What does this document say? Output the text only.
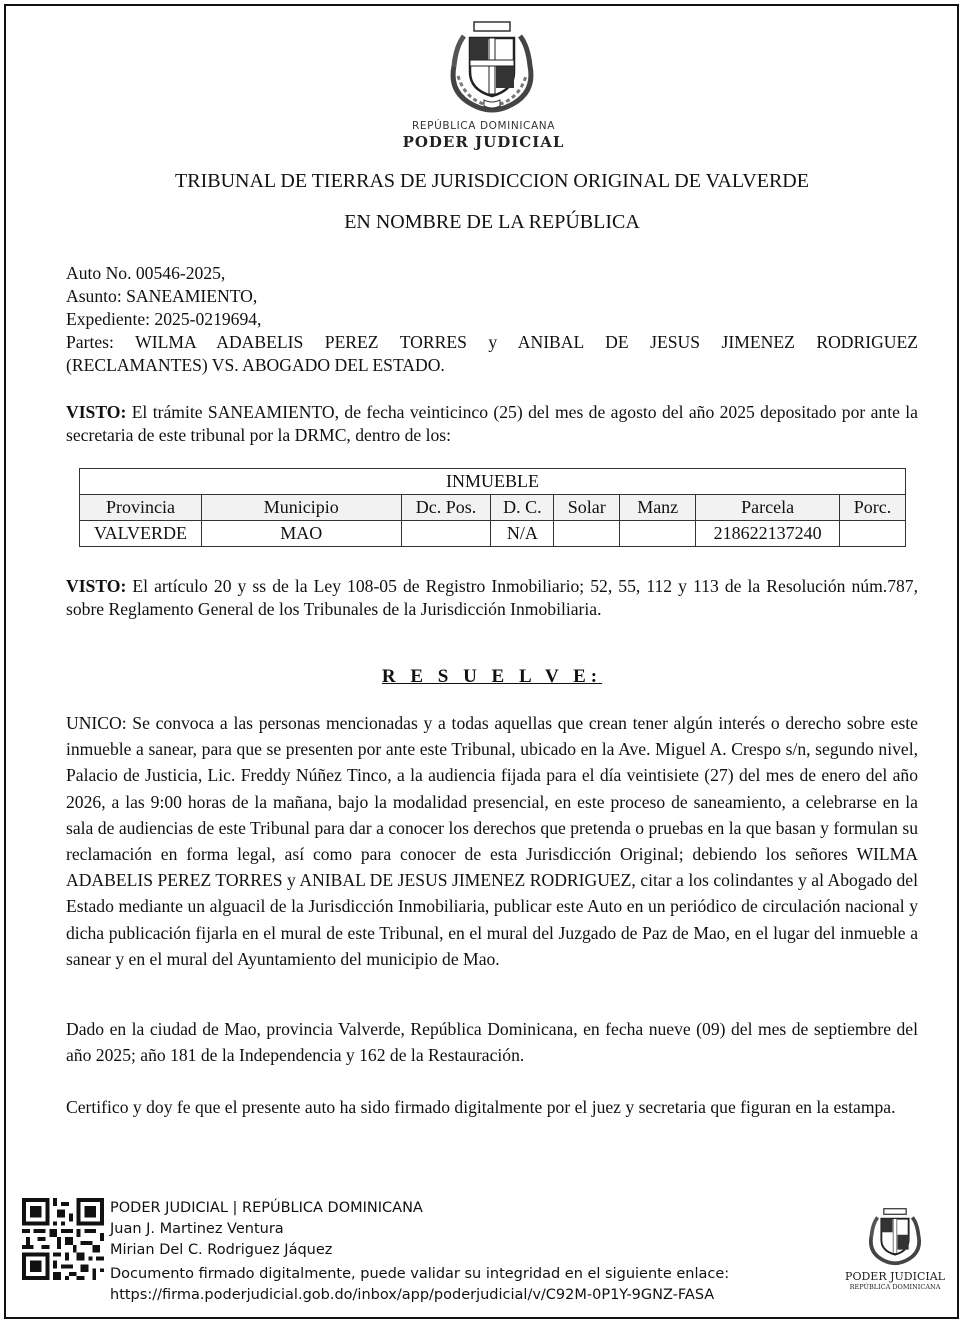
REPÚBLICA DOMINICANA
PODER JUDICIAL
TRIBUNAL DE TIERRAS DE JURISDICCION ORIGINAL DE VALVERDE
EN NOMBRE DE LA REPÚBLICA
Auto No. 00546-2025,
Asunto: SANEAMIENTO,
Expediente: 2025-0219694,
Partes: WILMA ADABELIS PEREZ TORRES y ANIBAL DE JESUS JIMENEZ RODRIGUEZ
(RECLAMANTES) VS. ABOGADO DEL ESTADO.
VISTO: El trámite SANEAMIENTO, de fecha veinticinco (25) del mes de agosto del año 2025 depositado por ante la secretaria de este tribunal por la DRMC, dentro de los:
INMUEBLE							
Provincia	Municipio	Dc. Pos.	D. C.	Solar	Manz	Parcela	Porc.
VALVERDE	MAO		N/A			218622137240	
VISTO: El artículo 20 y ss de la Ley 108-05 de Registro Inmobiliario; 52, 55, 112 y 113 de la Resolución núm.787, sobre Reglamento General de los Tribunales de la Jurisdicción Inmobiliaria.
R E S U E L V E:
UNICO: Se convoca a las personas mencionadas y a todas aquellas que crean tener algún interés o derecho sobre este inmueble a sanear, para que se presenten por ante este Tribunal, ubicado en la Ave. Miguel A. Crespo s/n, segundo nivel, Palacio de Justicia, Lic. Freddy Núñez Tinco, a la audiencia fijada para el día veintisiete (27) del mes de enero del año 2026, a las 9:00 horas de la mañana, bajo la modalidad presencial, en este proceso de saneamiento, a celebrarse en la sala de audiencias de este Tribunal para dar a conocer los derechos que pretenda o pruebas en la que basan y formulan su reclamación en forma legal, así como para conocer de esta Jurisdicción Original; debiendo los señores WILMA ADABELIS PEREZ TORRES y ANIBAL DE JESUS JIMENEZ RODRIGUEZ, citar a los colindantes y al Abogado del Estado mediante un alguacil de la Jurisdicción Inmobiliaria, publicar este Auto en un periódico de circulación nacional y dicha publicación fijarla en el mural de este Tribunal, en el mural del Juzgado de Paz de Mao, en el lugar del inmueble a sanear y en el mural del Ayuntamiento del municipio de Mao.
Dado en la ciudad de Mao, provincia Valverde, República Dominicana, en fecha nueve (09) del mes de septiembre del año 2025; año 181 de la Independencia y 162 de la Restauración.
Certifico y doy fe que el presente auto ha sido firmado digitalmente por el juez y secretaria que figuran en la estampa.
PODER JUDICIAL | REPÚBLICA DOMINICANA
Juan J. Martinez Ventura
Mirian Del C. Rodriguez Jáquez
Documento firmado digitalmente, puede validar su integridad en el siguiente enlace:
https://firma.poderjudicial.gob.do/inbox/app/poderjudicial/v/C92M-0P1Y-9GNZ-FASA
PODER JUDICIAL
REPÚBLICA DOMINICANA
